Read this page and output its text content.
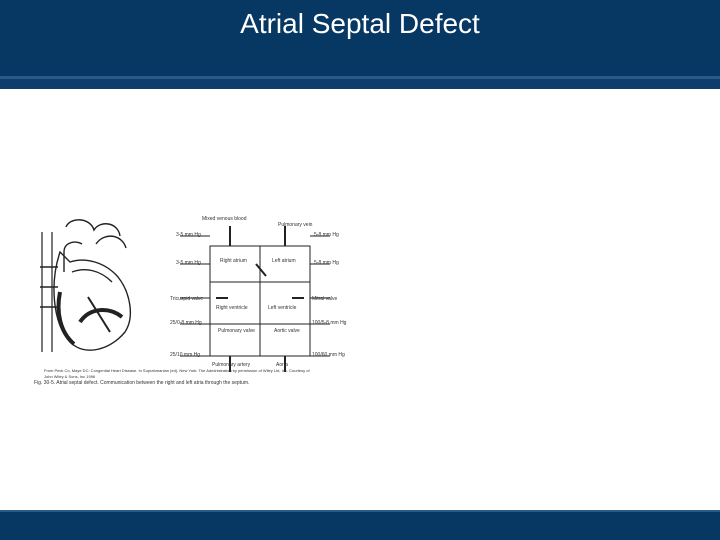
Atrial Septal Defect
Mixed venous blood
Pulmonary vein
Right atrium	Left atrium
Right ventricle	Left ventricle
Pulmonary valve	Aortic valve
Pulmonary artery	Aorta
Tricuspid valve	Mitral valve
3-5 mm Hg
3-5 mm Hg
25/0-8 mm Hg
25/10 mm Hg
5-8 mm Hg
5-8 mm Hg
100/5-8 mm Hg
100/60 mm Hg
From Peck Co, Maye DC: Congenital Heart Disease. In Suprahmanian (ed), New York: The Administration by permission of Wiley Ltd, Inc. Courtesy of
John Wiley & Sons, Inc 1996
Fig. 30-5. Atrial septal defect. Communication between the right and left atria through the septum.
